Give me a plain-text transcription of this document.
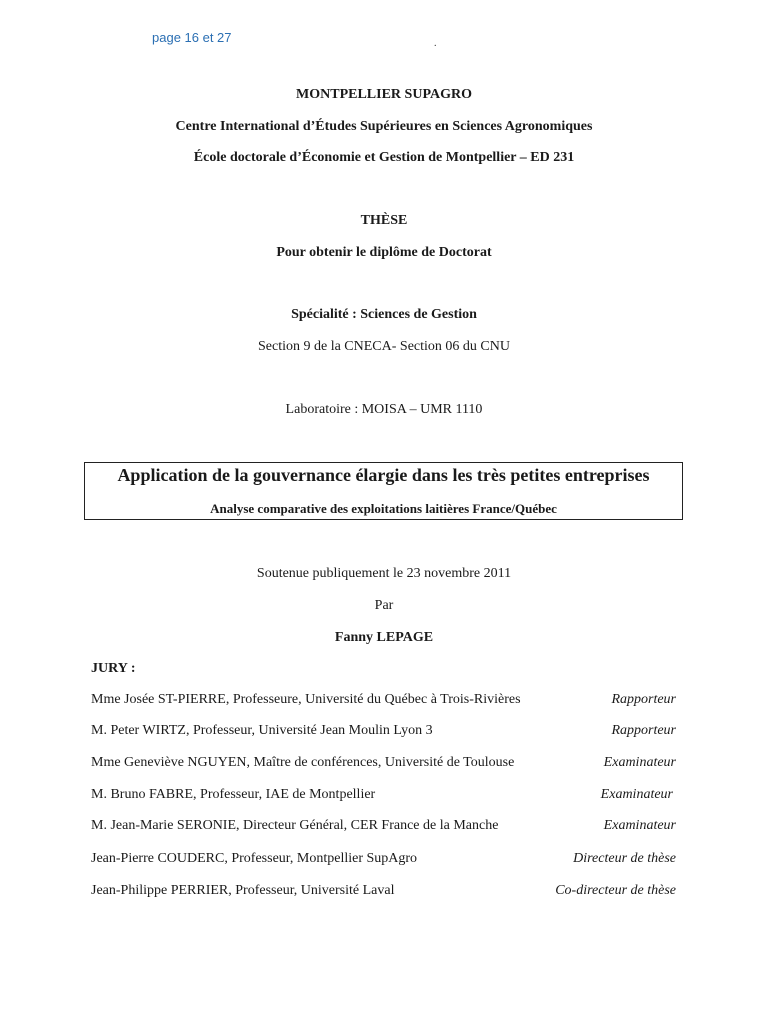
page 16 et 27	.
MONTPELLIER SUPAGRO
Centre International d’Études Supérieures en Sciences Agronomiques
École doctorale d’Économie et Gestion de Montpellier – ED 231
THÈSE
Pour obtenir le diplôme de Doctorat
Spécialité : Sciences de Gestion
Section 9 de la CNECA- Section 06 du CNU
Laboratoire : MOISA – UMR 1110
Application de la gouvernance élargie dans les très petites entreprises
Analyse comparative des exploitations laitières France/Québec
Soutenue publiquement le 23 novembre 2011
Par
Fanny LEPAGE
JURY :
Mme Josée ST-PIERRE, Professeure, Université du Québec à Trois-Rivières	Rapporteur
M. Peter WIRTZ, Professeur, Université Jean Moulin Lyon 3	Rapporteur
Mme Geneviève NGUYEN, Maître de conférences, Université de Toulouse	Examinateur
M. Bruno FABRE, Professeur, IAE de Montpellier	Examinateur
M. Jean-Marie SERONIE, Directeur Général, CER France de la Manche	Examinateur
Jean-Pierre COUDERC, Professeur, Montpellier SupAgro	Directeur de thèse
Jean-Philippe PERRIER, Professeur, Université Laval	Co-directeur de thèse
